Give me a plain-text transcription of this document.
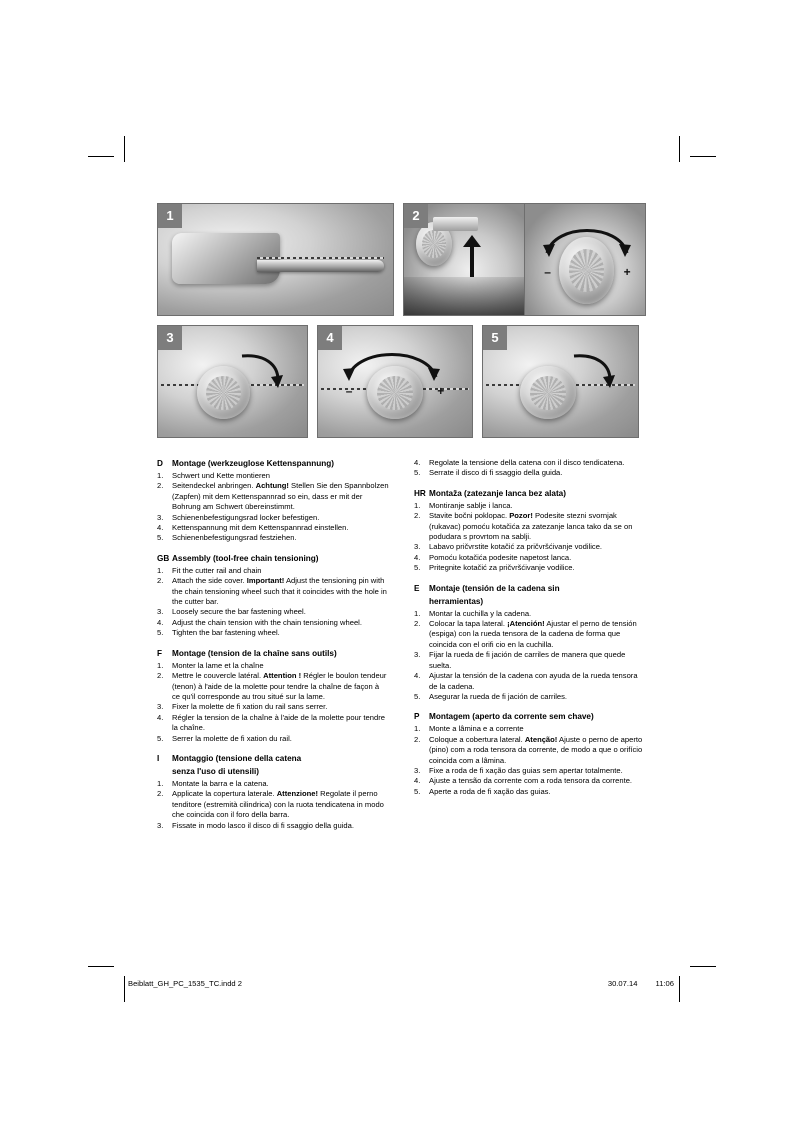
1	2
–	+
3
–	+
4	5
D Montage (werkzeuglose Kettenspannung)
1. Schwert und Kette montieren
2. Seitendeckel anbringen. Achtung! Stellen Sie den Spannbolzen (Zapfen) mit dem Kettenspannrad so ein, dass er mit der Bohrung am Schwert übereinstimmt.
3. Schienenbefestigungsrad locker befestigen.
4. Kettenspannung mit dem Kettenspannrad einstellen.
5. Schienenbefestigungsrad festziehen.
GB Assembly (tool-free chain tensioning)
1. Fit the cutter rail and chain
2. Attach the side cover. Important! Adjust the tensioning pin with the chain tensioning wheel such that it coincides with the hole in the cutter bar.
3. Loosely secure the bar fastening wheel.
4. Adjust the chain tension with the chain tensioning wheel.
5. Tighten the bar fastening wheel.
F Montage (tension de la chaîne sans outils)
1. Monter la lame et la chaîne
2. Mettre le couvercle latéral. Attention ! Régler le boulon tendeur (tenon) à l'aide de la molette pour tendre la chaîne de façon à ce qu'il corresponde au trou situé sur la lame.
3. Fixer la molette de fi xation du rail sans serrer.
4. Régler la tension de la chaîne à l'aide de la molette pour tendre la chaîne.
5. Serrer la molette de fi xation du rail.
I Montaggio (tensione della catena
senza l'uso di utensili)
1. Montate la barra e la catena.
2. Applicate la copertura laterale. Attenzione! Regolate il perno tenditore (estremità cilindrica) con la ruota tendicatena in modo che coincida con il foro della barra.
3. Fissate in modo lasco il disco di fi ssaggio della guida.
4. Regolate la tensione della catena con il disco tendicatena.
5. Serrate il disco di fi ssaggio della guida.
HR Montaža (zatezanje lanca bez alata)
1. Montiranje sablje i lanca.
2. Stavite bočni poklopac. Pozor! Podesite stezni svornjak (rukavac) pomoću kotačića za zatezanje lanca tako da se on podudara s provrtom na sablji.
3. Labavo pričvrstite kotačić za pričvršćivanje vodilice.
4. Pomoću kotačića podesite napetost lanca.
5. Pritegnite kotačić za pričvršćivanje vodilice.
E Montaje (tensión de la cadena sin
herramientas)
1. Montar la cuchilla y la cadena.
2. Colocar la tapa lateral. ¡Atención! Ajustar el perno de tensión (espiga) con la rueda tensora de la cadena de forma que coincida con el orifi cio en la cuchilla.
3. Fijar la rueda de fi jación de carriles de manera que quede suelta.
4. Ajustar la tensión de la cadena con ayuda de la rueda tensora de la cadena.
5. Asegurar la rueda de fi jación de carriles.
P Montagem (aperto da corrente sem chave)
1. Monte a lâmina e a corrente
2. Coloque a cobertura lateral. Atenção! Ajuste o perno de aperto (pino) com a roda tensora da corrente, de modo a que o orifício coincida com a lâmina.
3. Fixe a roda de fi xação das guias sem apertar totalmente.
4. Ajuste a tensão da corrente com a roda tensora da corrente.
5. Aperte a roda de fi xação das guias.
Beiblatt_GH_PC_1535_TC.indd 2	30.07.14 11:06
